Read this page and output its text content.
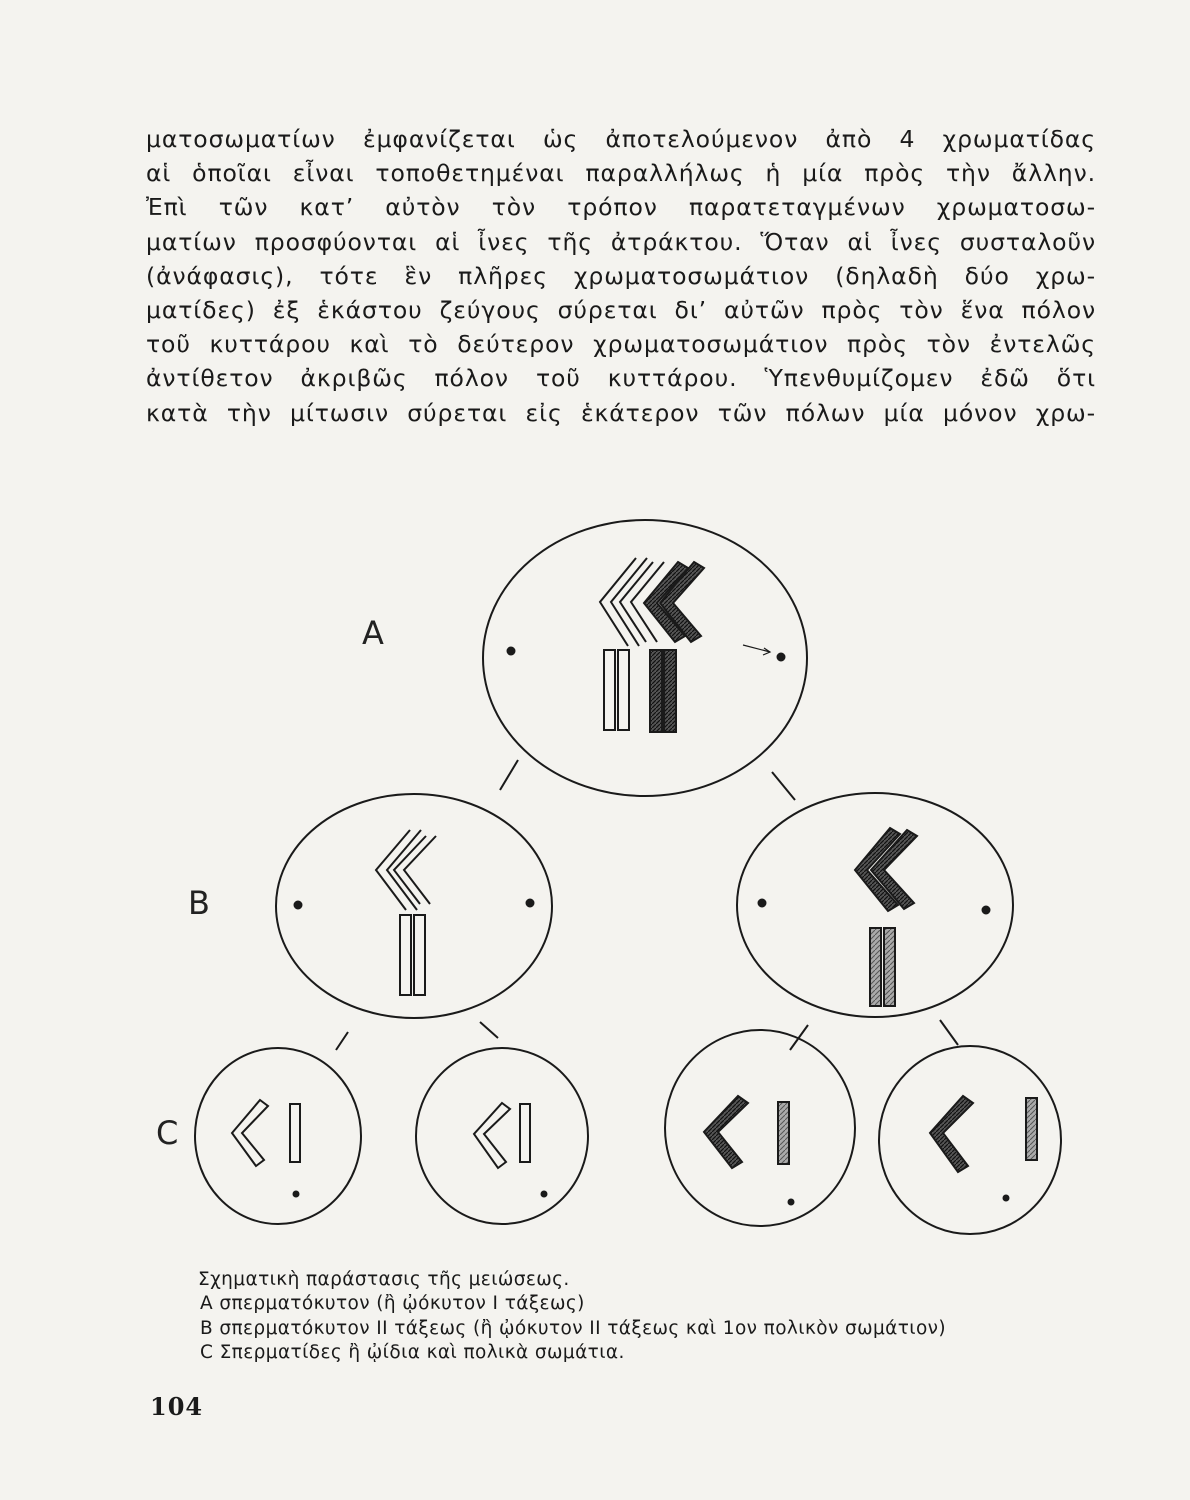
ματοσωματίων ἐμφανίζεται ὡς ἀποτελούμενον ἀπὸ 4 χρωματίδας
αἱ ὁποῖαι εἶναι τοποθετημέναι παραλλήλως ἡ μία πρὸς τὴν ἄλλην.
Ἐπὶ τῶν κατ’ αὐτὸν τὸν τρόπον παρατεταγμένων χρωματοσω-
ματίων προσφύονται αἱ ἶνες τῆς ἀτράκτου. Ὅταν αἱ ἶνες συσταλοῦν
(ἀνάφασις), τότε ἓν πλῆρες χρωματοσωμάτιον (δηλαδὴ δύο χρω-
ματίδες) ἐξ ἑκάστου ζεύγους σύρεται δι’ αὐτῶν πρὸς τὸν ἕνα πόλον
τοῦ κυττάρου καὶ τὸ δεύτερον χρωματοσωμάτιον πρὸς τὸν ἐντελῶς
ἀντίθετον ἀκριβῶς πόλον τοῦ κυττάρου. Ὑπενθυμίζομεν ἐδῶ ὅτι
κατὰ τὴν μίτωσιν σύρεται εἰς ἑκάτερον τῶν πόλων μία μόνον χρω-
A
B
C
Σχηματικὴ παράστασις τῆς μειώσεως.
A σπερματόκυτον (ἢ ᾠόκυτον I τάξεως)
B σπερματόκυτον II τάξεως (ἢ ᾠόκυτον II τάξεως καὶ 1ον πολικὸν σωμάτιον)
C Σπερματίδες ἢ ᾠίδια καὶ πολικὰ σωμάτια.
104
